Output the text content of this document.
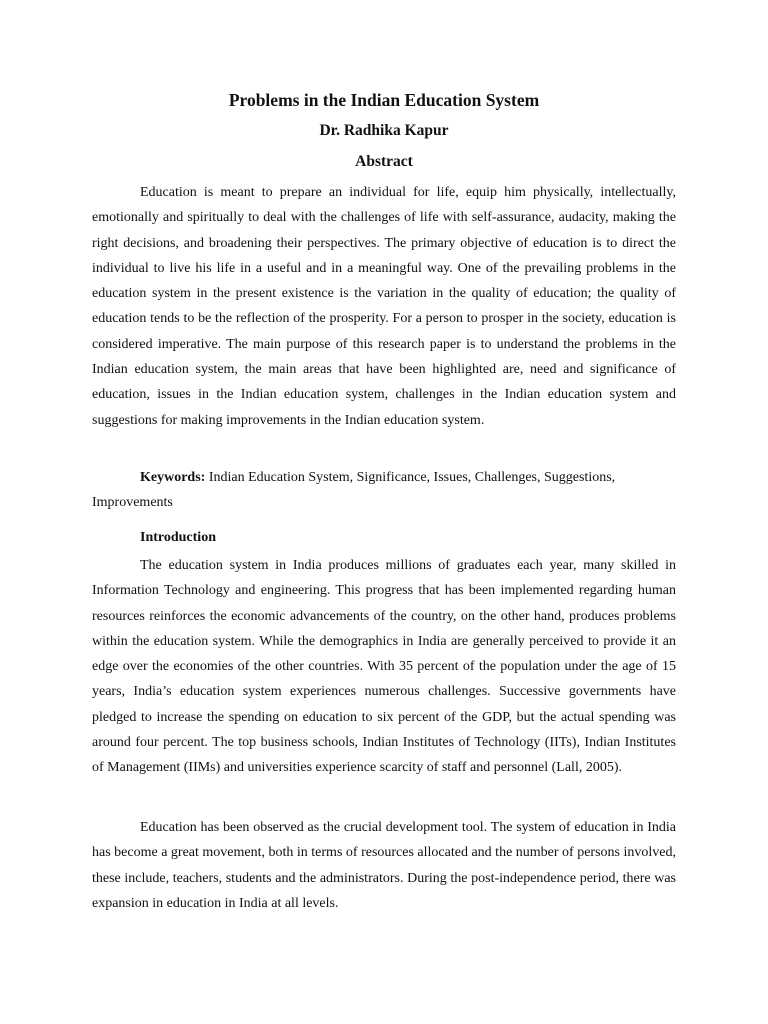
Problems in the Indian Education System
Dr. Radhika Kapur
Abstract

Education is meant to prepare an individual for life, equip him physically, intellectually, emotionally and spiritually to deal with the challenges of life with self-assurance, audacity, making the right decisions, and broadening their perspectives. The primary objective of education is to direct the individual to live his life in a useful and in a meaningful way. One of the prevailing problems in the education system in the present existence is the variation in the quality of education; the quality of education tends to be the reflection of the prosperity. For a person to prosper in the society, education is considered imperative. The main purpose of this research paper is to understand the problems in the Indian education system, the main areas that have been highlighted are, need and significance of education, issues in the Indian education system, challenges in the Indian education system and suggestions for making improvements in the Indian education system.

Keywords: Indian Education System, Significance, Issues, Challenges, Suggestions, Improvements

Introduction

The education system in India produces millions of graduates each year, many skilled in Information Technology and engineering. This progress that has been implemented regarding human resources reinforces the economic advancements of the country, on the other hand, produces problems within the education system. While the demographics in India are generally perceived to provide it an edge over the economies of the other countries. With 35 percent of the population under the age of 15 years, India’s education system experiences numerous challenges. Successive governments have pledged to increase the spending on education to six percent of the GDP, but the actual spending was around four percent. The top business schools, Indian Institutes of Technology (IITs), Indian Institutes of Management (IIMs) and universities experience scarcity of staff and personnel (Lall, 2005).

Education has been observed as the crucial development tool. The system of education in India has become a great movement, both in terms of resources allocated and the number of persons involved, these include, teachers, students and the administrators. During the post-independence period, there was expansion in education in India at all levels.
